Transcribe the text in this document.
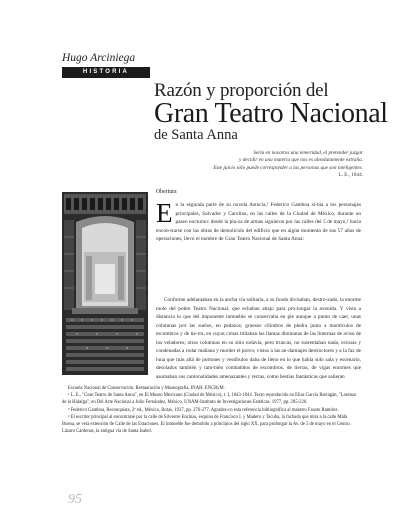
Hugo Arciniega
HISTORIA
Razón y proporción del
Gran Teatro Nacional
de Santa Anna
Sería en nosotros una temeridad, el pretender juzgar
y decidir en una materia que nos es absolutamente extraña.
Este juicio sólo puede corresponder a las personas que son inteligentes.
L. E., 1844.
Obertura
En la segunda parte de su novela Astucia,¹ Federico Gamboa si-túa a los personajes principales, Salvador y Carolina, en las calles de la Ciudad de México, durante un paseo nocturno: desde la pla-za de armas siguieron por las calles del 5 de mayo,² hacia encon-trarse con las obras de demolición del edificio que en algún momento de sus 57 años de operaciones, llevó el nombre de Gran Teatro Nacional de Santa Anna:
Conforme adelantaban en la ancha vía solitaria, a su fondo divisaban, destro-zado, la enorme mole del pobre Teatro Nacional, que echaban abajo para pro-longar la avenida. Y vista a distancia lo que del imponente inmueble se conservaba en pie aunque a punto de caer, unas columnas por las suelos, en pedazos; gruesos cilindros de piedra junto a montículos de escombros y de tie-rra, en cuyas cimas titilaban las llamas diminutas de las linternas de aviso de los veladores; otras columnas en su sitio todavía, pero truncas, no sustentaban nada, ociosas y condenadas a rodar mañana y morder el polvo; vistos a las an-damiajes destructores y a la faz de luna que más allá de portones y vestíbulos daba de lleno en lo que había sido sala y escenario, desolados también y tam-bién combatidos de escombros, de tierras, de vigas enormes que asomaban sus cantonalidades amenazantes y rectas, como bestias fantásticas que salieran
Escuela Nacional de Conservación, Restauración y Museografía, INAH, ENCRyM.
¹ L. E., "Gran Teatro de Santa Anna", en El Museo Mexicano (Ciudad de México), t. I, 1843-1844. Texto reproducido en Elisa García Barragán, "Lorenzo de la Hidalga", en Del Arte Nacional a Julio Fernández, México, UNAM-Instituto de Investigaciones Estéticas, 1977, pp. 205-226.
² Federico Gamboa, Reconquista, 2ª ed., México, Botas, 1937, pp. 276-277. Agradez-co esta referencia bibliográfica al maestro Fausto Ramírez.
³ El escritor principal al encontrarse por la calle de Silvestre Encinas, esquina de Francisco I. y Madero y Tacuba, la fachada que mira a la calle Mida Buena, se veía extensión de Calle de las Estaciones. El inmueble fue demolido a principios del siglo XX, para prolongar la Av. de 5 de mayo en el Centro. Lázaro Cárdenas, la antigua vía de Santa Isabel.
95
